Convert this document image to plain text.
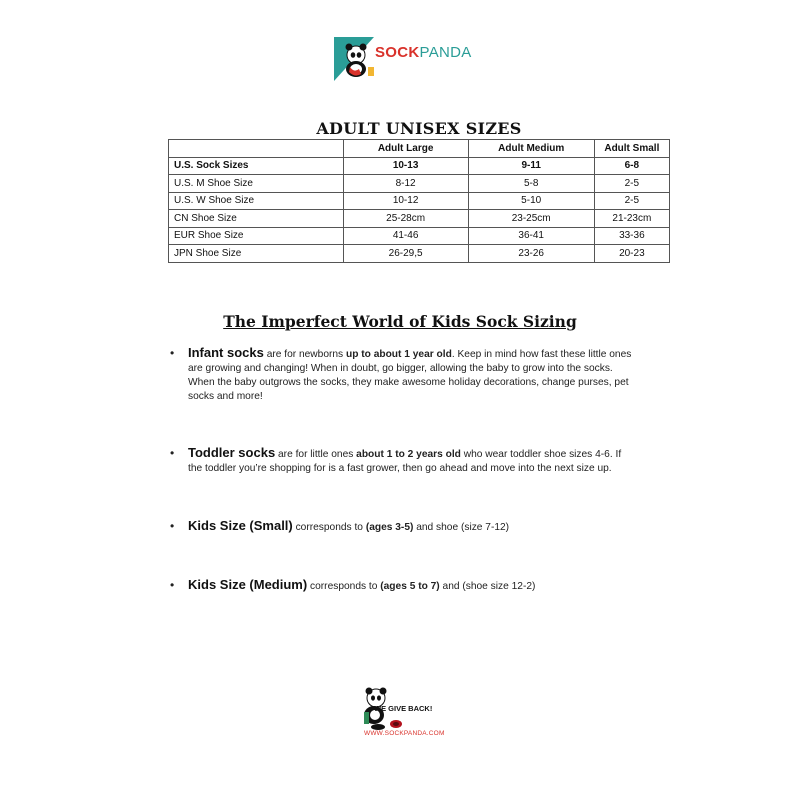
SOCKPANDA
ADULT UNISEX SIZES
	Adult Large	Adult Medium	Adult Small
U.S. Sock Sizes	10-13	9-11	6-8
U.S. M Shoe Size	8-12	5-8	2-5
U.S. W Shoe Size	10-12	5-10	2-5
CN Shoe Size	25-28cm	23-25cm	21-23cm
EUR Shoe Size	41-46	36-41	33-36
JPN Shoe Size	26-29,5	23-26	20-23
The Imperfect World of Kids Sock Sizing
• Infant socks are for newborns up to about 1 year old. Keep in mind how fast these little ones are growing and changing! When in doubt, go bigger, allowing the baby to grow into the socks. When the baby outgrows the socks, they make awesome holiday decorations, change purses, pet socks and more!
• Toddler socks are for little ones about 1 to 2 years old who wear toddler shoe sizes 4-6. If the toddler you’re shopping for is a fast grower, then go ahead and move into the next size up.
• Kids Size (Small) corresponds to (ages 3-5) and shoe (size 7-12)
• Kids Size (Medium) corresponds to (ages 5 to 7) and (shoe size 12-2)
WE GIVE BACK!
WWW.SOCKPANDA.COM
